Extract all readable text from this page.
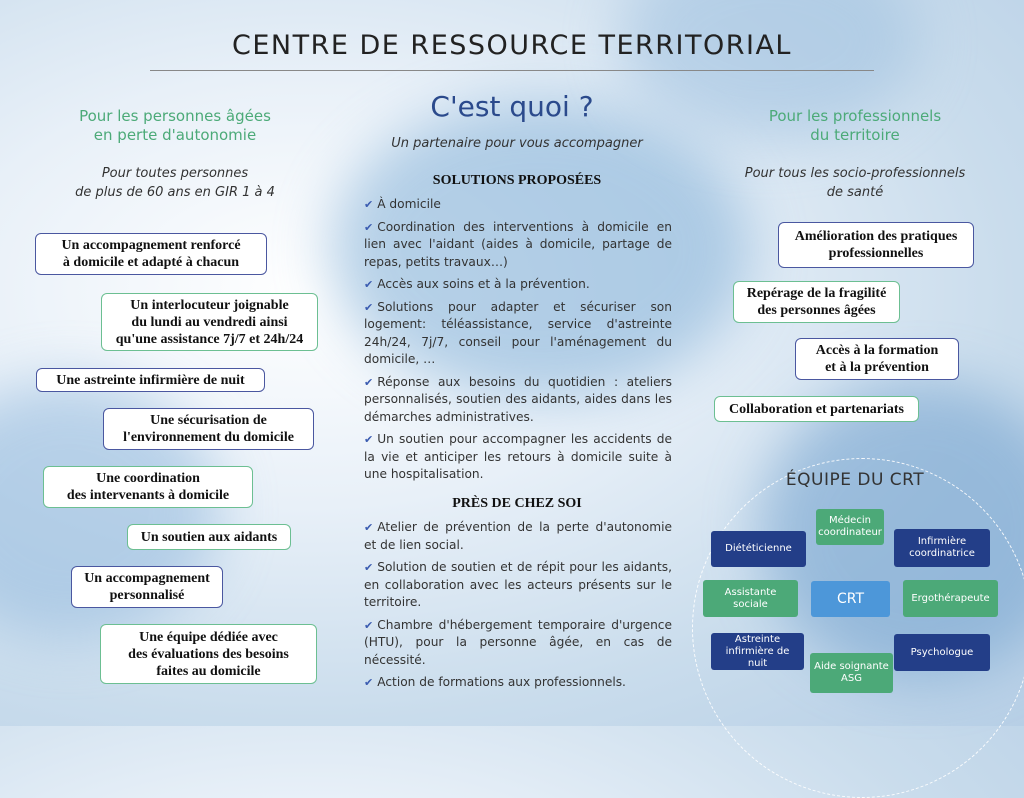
CENTRE DE RESSOURCE TERRITORIAL
Pour les personnes âgées
en perte d'autonomie
Pour toutes personnes
de plus de 60 ans en GIR 1 à 4
Un accompagnement renforcé
à domicile et adapté à chacun
Un interlocuteur joignable
du lundi au vendredi ainsi
qu'une assistance 7j/7 et 24h/24
Une astreinte infirmière de nuit
Une sécurisation de
l'environnement du domicile
Une coordination
des intervenants à domicile
Un soutien aux aidants
Un accompagnement
personnalisé
Une équipe dédiée avec
des évaluations des besoins
faites au domicile
C'est quoi ?
Un partenaire pour vous accompagner
SOLUTIONS PROPOSÉES
✔ À domicile
✔ Coordination des interventions à domicile en lien avec l'aidant (aides à domicile, partage de repas, petits travaux…)
✔ Accès aux soins et à la prévention.
✔ Solutions pour adapter et sécuriser son logement: téléassistance, service d'astreinte 24h/24, 7j/7, conseil pour l'aménagement du domicile, …
✔ Réponse aux besoins du quotidien : ateliers personnalisés, soutien des aidants, aides dans les démarches administratives.
✔ Un soutien pour accompagner les accidents de la vie et anticiper les retours à domicile suite à une hospitalisation.
PRÈS DE CHEZ SOI
✔ Atelier de prévention de la perte d'autonomie et de lien social.
✔ Solution de soutien et de répit pour les aidants, en collaboration avec les acteurs présents sur le territoire.
✔ Chambre d'hébergement temporaire d'urgence (HTU), pour la personne âgée, en cas de nécessité.
✔ Action de formations aux professionnels.
Pour les professionnels
du territoire
Pour tous les socio-professionnels
de santé
Amélioration des pratiques
professionnelles
Repérage de la fragilité
des personnes âgées
Accès à la formation
et à la prévention
Collaboration et partenariats
ÉQUIPE DU CRT
Diététicienne
Médecin
coordinateur
Infirmière
coordinatrice
Assistante sociale	CRT	Ergothérapeute
Astreinte
infirmière de nuit	Aide soignante
ASG
Psychologue
